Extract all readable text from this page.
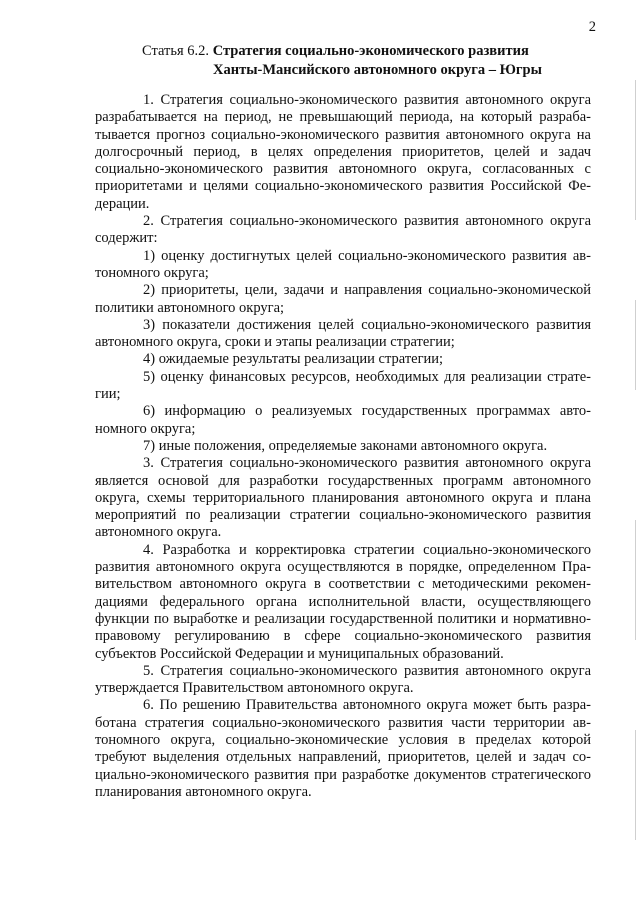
2
Статья 6.2. Стратегия социально-экономического развития
Ханты-Мансийского автономного округа – Югры

1. Стратегия социально-экономического развития автономного округа разрабатывается на период, не превышающий периода, на который разрабатывается прогноз социально-экономического развития автономного округа на долгосрочный период, в целях определения приоритетов, целей и задач социально-экономического развития автономного округа, согласованных с приоритетами и целями социально-экономического развития Российской Федерации.

2. Стратегия социально-экономического развития автономного округа содержит:

1) оценку достигнутых целей социально-экономического развития автономного округа;

2) приоритеты, цели, задачи и направления социально-экономической политики автономного округа;

3) показатели достижения целей социально-экономического развития автономного округа, сроки и этапы реализации стратегии;

4) ожидаемые результаты реализации стратегии;

5) оценку финансовых ресурсов, необходимых для реализации стратегии;

6) информацию о реализуемых государственных программах автономного округа;

7) иные положения, определяемые законами автономного округа.

3. Стратегия социально-экономического развития автономного округа является основой для разработки государственных программ автономного округа, схемы территориального планирования автономного округа и плана мероприятий по реализации стратегии социально-экономического развития автономного округа.

4. Разработка и корректировка стратегии социально-экономического развития автономного округа осуществляются в порядке, определенном Правительством автономного округа в соответствии с методическими рекомендациями федерального органа исполнительной власти, осуществляющего функции по выработке и реализации государственной политики и нормативно-правовому регулированию в сфере социально-экономического развития субъектов Российской Федерации и муниципальных образований.

5. Стратегия социально-экономического развития автономного округа утверждается Правительством автономного округа.

6. По решению Правительства автономного округа может быть разработана стратегия социально-экономического развития части территории автономного округа, социально-экономические условия в пределах которой требуют выделения отдельных направлений, приоритетов, целей и задач социально-экономического развития при разработке документов стратегического планирования автономного округа.
